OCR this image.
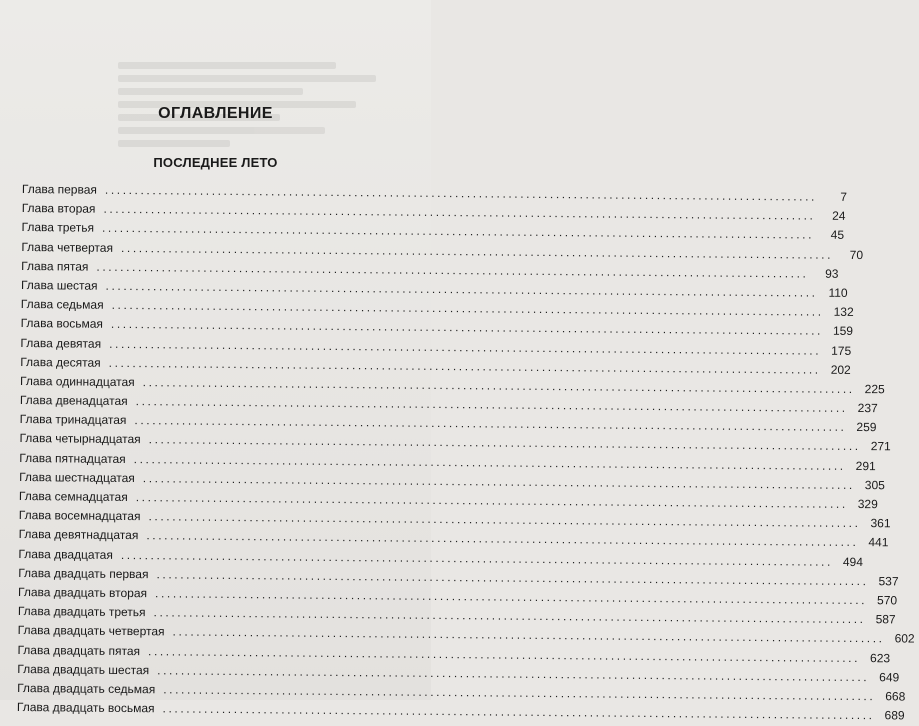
ОГЛАВЛЕНИЕ
ПОСЛЕДНЕЕ ЛЕТО
Глава первая ........................................................................................................................	7
Глава вторая ........................................................................................................................	24
Глава третья ........................................................................................................................	45
Глава четвертая ........................................................................................................................	70
Глава пятая ........................................................................................................................	93
Глава шестая ........................................................................................................................ 110
Глава седьмая ........................................................................................................................ 132
Глава восьмая ........................................................................................................................ 159
Глава девятая ........................................................................................................................ 175
Глава десятая ........................................................................................................................ 202
Глава одиннадцатая ........................................................................................................................ 225
Глава двенадцатая ........................................................................................................................ 237
Глава тринадцатая ........................................................................................................................ 259
Глава четырнадцатая ........................................................................................................................ 271
Глава пятнадцатая ........................................................................................................................ 291
Глава шестнадцатая ........................................................................................................................ 305
Глава семнадцатая ........................................................................................................................ 329
Глава восемнадцатая ........................................................................................................................ 361
Глава девятнадцатая ........................................................................................................................ 441
Глава двадцатая ........................................................................................................................ 494
Глава двадцать первая ........................................................................................................................ 537
Глава двадцать вторая ........................................................................................................................ 570
Глава двадцать третья ........................................................................................................................ 587
Глава двадцать четвертая ........................................................................................................................ 602
Глава двадцать пятая ........................................................................................................................ 623
Глава двадцать шестая ........................................................................................................................ 649
Глава двадцать седьмая ........................................................................................................................ 668
Глава двадцать восьмая ........................................................................................................................ 689
